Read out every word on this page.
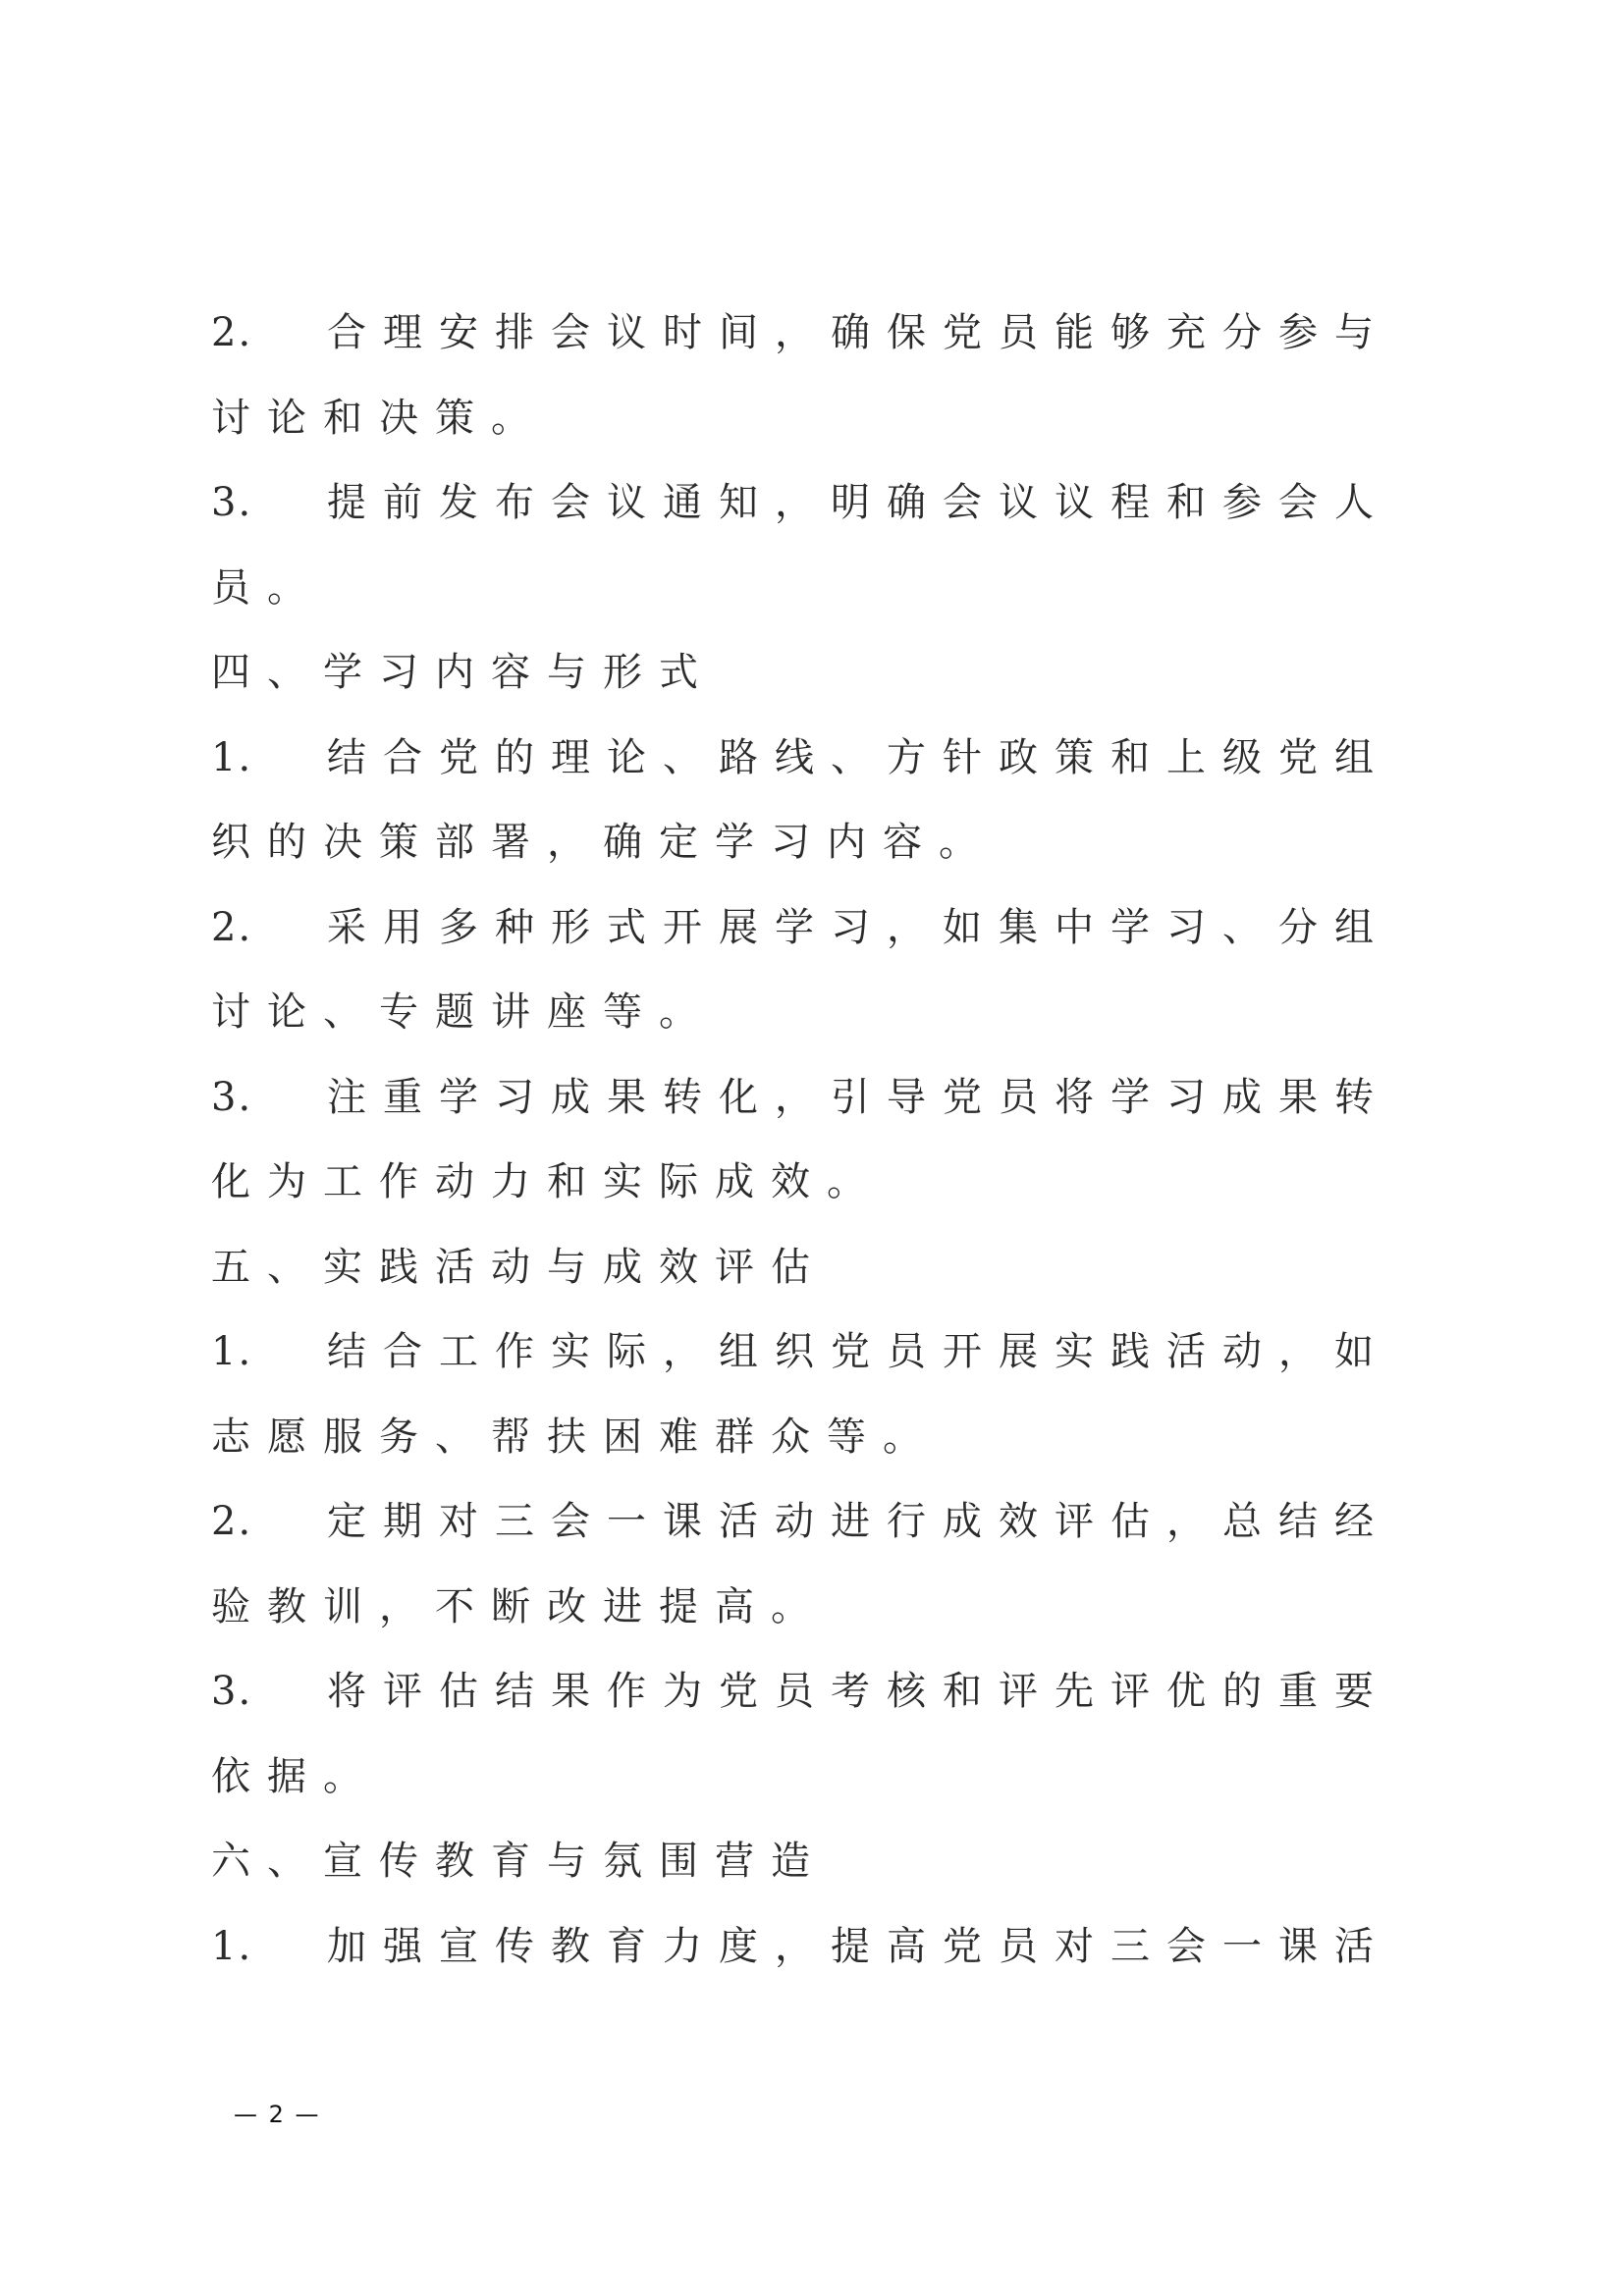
2.	合理安排会议时间，确保党员能够充分参与
讨论和决策。
3.	提前发布会议通知，明确会议议程和参会人
员。
四、学习内容与形式
1.	结合党的理论、路线、方针政策和上级党组
织的决策部署，确定学习内容。
2.	采用多种形式开展学习，如集中学习、分组
讨论、专题讲座等。
3.	注重学习成果转化，引导党员将学习成果转
化为工作动力和实际成效。
五、实践活动与成效评估
1.	结合工作实际，组织党员开展实践活动，如
志愿服务、帮扶困难群众等。
2.	定期对三会一课活动进行成效评估，总结经
验教训，不断改进提高。
3.	将评估结果作为党员考核和评先评优的重要
依据。
六、宣传教育与氛围营造
1.	加强宣传教育力度，提高党员对三会一课活
— 2 —
